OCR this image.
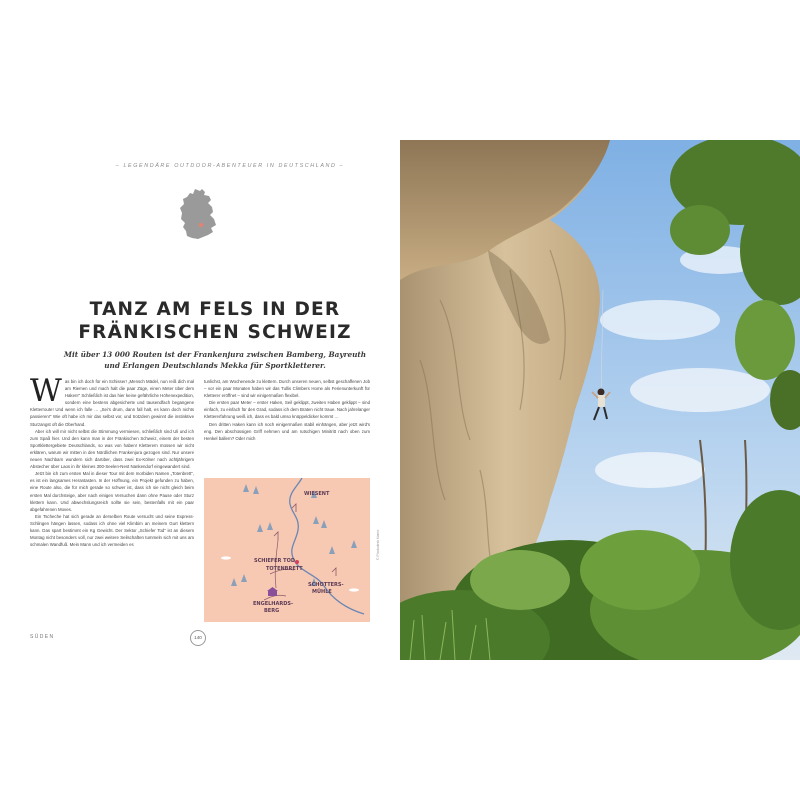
– LEGENDÄRE OUTDOOR-ABENTEUER IN DEUTSCHLAND –
TANZ AM FELS IN DER
FRÄNKISCHEN SCHWEIZ
Mit über 13 000 Routen ist der Frankenjura zwischen Bamberg, Bayreuth
und Erlangen Deutschlands Mekka für Sportkletterer.

Was bin ich doch für ein Schisser! „Mensch Mädel, nun reiß dich mal am Riemen und mach halt die paar Züge, einen Meter über dem Haken!“ Schließlich ist das hier keine gefährliche Höhenexpedition, sondern eine bestens abgesicherte und tausendfach begangene Kletterroute! Und wenn ich falle … „Sei's drum, dann fall halt, es kann doch nichts passieren!“ Wie oft habe ich mir das selbst vor, und trotzdem gewinnt die instinktive Sturzangst oft die Oberhand.

Aber ich will mir nicht selbst die Stimmung vermiesen, schließlich sind Uli und ich zum Spaß hier. Und den kann man in der Fränkischen Schweiz, einem der besten Sportklettergebiete Deutschlands, so was von haben! Kletterern müssen wir nicht erklären, warum wir mitten in den Nördlichen Frankenjura gezogen sind. Nur unsere neuen Nachbarn wundern sich darüber, dass zwei Ex-Kölner nach achtjährigem Abstecher über Laos in ihr kleines 300-Seelen-Nest Nankendorf eingewandert sind.

Jetzt bin ich zum ersten Mal in dieser Tour mit dem morbiden Namen „Totenbrett“, es ist ein langsames Herantasten. In der Hoffnung, ein Projekt gefunden zu haben, eine Route also, die für mich gerade so schwer ist, dass ich sie nicht gleich beim ersten Mal durchsteige, aber nach einigen Versuchen dann ohne Pause oder Sturz klettern kann. Und abwechslungsreich sollte sie sein, bestenfalls mit ein paar abgefahrenen Moves.

Ein Tscheche hat sich gerade an derselben Route versucht und seine Express-Schlingen hängen lassen, sodass ich ohne viel Klimbim an meinem Gurt klettern kann. Das spart bestimmt ein Kg Gewicht. Der Sektor „Schiefer Tod“ ist an diesem Montag nicht besonders voll, nur zwei weitere Seilschaften tummeln sich mit uns am schmalen Wandfuß. Mein Mann und ich vermeiden es

tunlichst, am Wochenende zu klettern. Durch unseren neuen, selbst geschaffenen Job – vor ein paar Monaten haben wir das Tullis Climbers Home als Ferienunterkunft für Kletterer eröffnet – sind wir einigermaßen flexibel.

Die ersten paar Meter – erster Haken, Seil geklippt, zweiten Haben geklippt – sind einfach, zu einfach für den Grad, sodass ich dem Braten nicht traue. Nach jahrelanger Klettererfahrung weiß ich, dass es bald umso knüppeldicker kommt …

Den dritten Haken kann ich noch einigermaßen stabil einhängen, aber jetzt wird's eng. Den abschüssigen Griff nehmen und am rutschigen Minitritt nach oben zum Henkel ballern? Oder mich

WIESENT
SCHIEFER TOD
TOTENBRETT
SCHOTTERS-
MÜHLE
ENGELHARDS-
BERG
© Photodesk Name
SÜDEN	140
